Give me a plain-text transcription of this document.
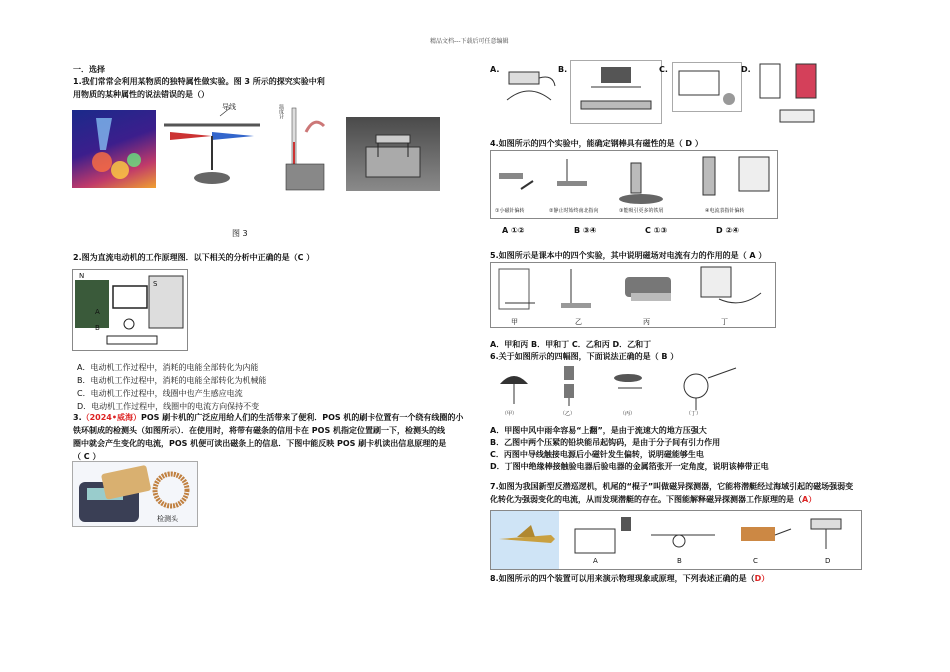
精品文档---下载后可任意编辑
一．选择
1.我们常常会利用某物质的独特属性做实验。图 3 所示的探究实验中利
用物质的某种属性的说法错误的是（）
导线	温度计
图 3
2.图为直流电动机的工作原理图．以下相关的分析中正确的是（C ）
A
B
S
N
A．电动机工作过程中，消耗的电能全部转化为内能
B．电动机工作过程中，消耗的电能全部转化为机械能
C．电动机工作过程中，线圈中也产生感应电流
D．电动机工作过程中，线圈中的电流方向保持不变
3.（2024•威海）POS 刷卡机的广泛应用给人们的生活带来了便利．POS 机的刷卡位置有一个绕有线圈的小
铁环制成的检测头（如图所示）．在使用时，将带有磁条的信用卡在 POS 机指定位置刷一下，检测头的线
圈中就会产生变化的电流，POS 机便可读出磁条上的信息．下图中能反映 POS 刷卡机读出信息原理的是
（ C ）
检测头
A.	B.	C.	D.
4.如图所示的四个实验中，能确定钢棒具有磁性的是（ D ）
①小磁针偏转	②静止时始终南北指向	③能吸引更多的铁屑	④电流表指针偏转
A ①②	B ③④	C ①③	D ②④
5.如图所示是课本中的四个实验，其中说明磁场对电流有力的作用的是（ A ）
甲	乙	丙	丁
A．甲和丙 B．甲和丁 C．乙和丙 D．乙和丁
6.关于如图所示的四幅图，下面说法正确的是（ B ）
（甲）	（乙）	（丙）	（丁）
A．甲图中风中雨伞容易“上翻”，是由于流速大的地方压强大
B．乙图中两个压紧的铅块能吊起钩码，是由于分子间有引力作用
C．丙图中导线触接电源后小磁针发生偏转，说明磁能够生电
D．丁图中绝缘棒接触验电器后验电器的金属箔张开一定角度，说明该棒带正电
7.如图为我国新型反潜巡逻机，机尾的“棍子”叫做磁异探测器，它能将潜艇经过海域引起的磁场强弱变
化转化为强弱变化的电流，从而发现潜艇的存在。下图能解释磁异探测器工作原理的是（A）
A	B	C	D
8.如图所示的四个装置可以用来演示物理现象或原理，下列表述正确的是（D）
